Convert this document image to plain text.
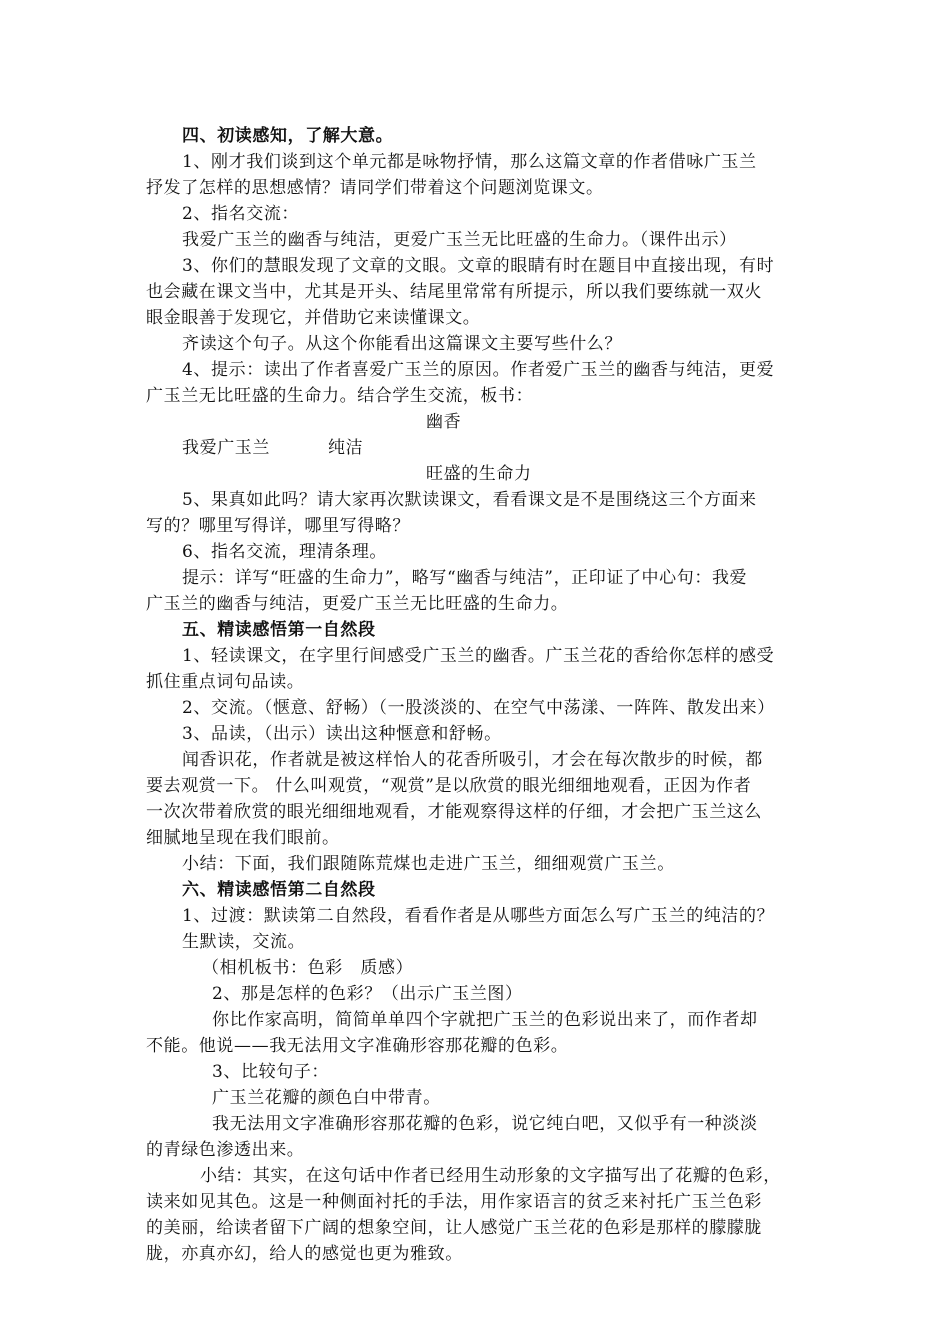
四、初读感知，了解大意。
1、刚才我们谈到这个单元都是咏物抒情，那么这篇文章的作者借咏广玉兰
抒发了怎样的思想感情？请同学们带着这个问题浏览课文。
2、指名交流：
我爱广玉兰的幽香与纯洁，更爱广玉兰无比旺盛的生命力。（课件出示）
3、你们的慧眼发现了文章的文眼。文章的眼睛有时在题目中直接出现，有时
也会藏在课文当中，尤其是开头、结尾里常常有所提示，所以我们要练就一双火
眼金眼善于发现它，并借助它来读懂课文。
齐读这个句子。从这个你能看出这篇课文主要写些什么？
4、提示：读出了作者喜爱广玉兰的原因。作者爱广玉兰的幽香与纯洁，更爱
广玉兰无比旺盛的生命力。结合学生交流，板书：
幽香
我爱广玉兰	纯洁
旺盛的生命力
5、果真如此吗？请大家再次默读课文，看看课文是不是围绕这三个方面来
写的？哪里写得详，哪里写得略？
6、指名交流，理清条理。
提示：详写“旺盛的生命力”，略写“幽香与纯洁”，正印证了中心句：我爱
广玉兰的幽香与纯洁，更爱广玉兰无比旺盛的生命力。
五、精读感悟第一自然段
1、轻读课文，在字里行间感受广玉兰的幽香。广玉兰花的香给你怎样的感受
抓住重点词句品读。
2、交流。（惬意、舒畅）（一股淡淡的、在空气中荡漾、一阵阵、散发出来）
3、品读，（出示）读出这种惬意和舒畅。
闻香识花，作者就是被这样怡人的花香所吸引，才会在每次散步的时候，都
要去观赏一下。 什么叫观赏，“观赏”是以欣赏的眼光细细地观看，正因为作者
一次次带着欣赏的眼光细细地观看，才能观察得这样的仔细，才会把广玉兰这么
细腻地呈现在我们眼前。
小结：下面，我们跟随陈荒煤也走进广玉兰，细细观赏广玉兰。
六、精读感悟第二自然段
1、过渡：默读第二自然段，看看作者是从哪些方面怎么写广玉兰的纯洁的？
生默读，交流。
（相机板书：色彩　质感）
2、那是怎样的色彩？（出示广玉兰图）
你比作家高明，简简单单四个字就把广玉兰的色彩说出来了，而作者却
不能。他说——我无法用文字准确形容那花瓣的色彩。
3、比较句子：
广玉兰花瓣的颜色白中带青。
我无法用文字准确形容那花瓣的色彩，说它纯白吧，又似乎有一种淡淡
的青绿色渗透出来。
小结：其实，在这句话中作者已经用生动形象的文字描写出了花瓣的色彩，
读来如见其色。这是一种侧面衬托的手法，用作家语言的贫乏来衬托广玉兰色彩
的美丽，给读者留下广阔的想象空间，让人感觉广玉兰花的色彩是那样的朦朦胧
胧，亦真亦幻，给人的感觉也更为雅致。
